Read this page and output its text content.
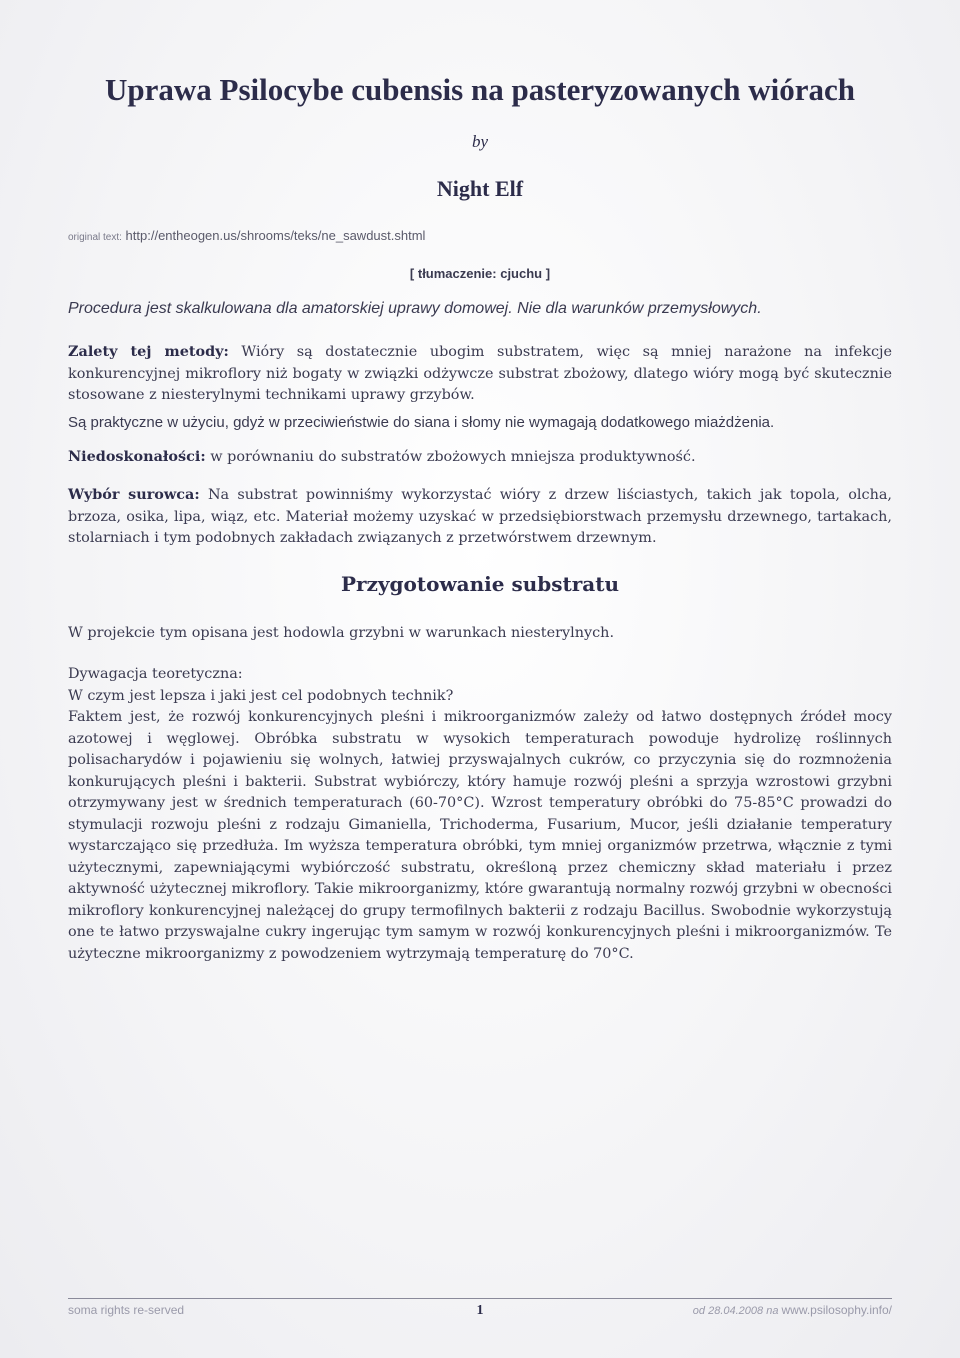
Uprawa Psilocybe cubensis na pasteryzowanych wiórach
by
Night Elf
original text: http://entheogen.us/shrooms/teks/ne_sawdust.shtml
[ tłumaczenie: cjuchu ]
Procedura jest skalkulowana dla amatorskiej uprawy domowej. Nie dla warunków przemysłowych.
Zalety tej metody: Wióry są dostatecznie ubogim substratem, więc są mniej narażone na infekcje konkurencyjnej mikroflory niż bogaty w związki odżywcze substrat zbożowy, dlatego wióry mogą być skutecznie stosowane z niesterylnymi technikami uprawy grzybów.
Są praktyczne w użyciu, gdyż w przeciwieństwie do siana i słomy nie wymagają dodatkowego miażdżenia.
Niedoskonałości: w porównaniu do substratów zbożowych mniejsza produktywność.
Wybór surowca: Na substrat powinniśmy wykorzystać wióry z drzew liściastych, takich jak topola, olcha, brzoza, osika, lipa, wiąz, etc. Materiał możemy uzyskać w przedsiębiorstwach przemysłu drzewnego, tartakach, stolarniach i tym podobnych zakładach związanych z przetwórstwem drzewnym.
Przygotowanie substratu
W projekcie tym opisana jest hodowla grzybni w warunkach niesterylnych.
Dywagacja teoretyczna:
W czym jest lepsza i jaki jest cel podobnych technik?
Faktem jest, że rozwój konkurencyjnych pleśni i mikroorganizmów zależy od łatwo dostępnych źródeł mocy azotowej i węglowej. Obróbka substratu w wysokich temperaturach powoduje hydrolizę roślinnych polisacharydów i pojawieniu się wolnych, łatwiej przyswajalnych cukrów, co przyczynia się do rozmnożenia konkurujących pleśni i bakterii. Substrat wybiórczy, który hamuje rozwój pleśni a sprzyja wzrostowi grzybni otrzymywany jest w średnich temperaturach (60-70°C). Wzrost temperatury obróbki do 75-85°C prowadzi do stymulacji rozwoju pleśni z rodzaju Gimaniella, Trichoderma, Fusarium, Mucor, jeśli działanie temperatury wystarczająco się przedłuża. Im wyższa temperatura obróbki, tym mniej organizmów przetrwa, włącznie z tymi użytecznymi, zapewniającymi wybiórczość substratu, określoną przez chemiczny skład materiału i przez aktywność użytecznej mikroflory. Takie mikroorganizmy, które gwarantują normalny rozwój grzybni w obecności mikroflory konkurencyjnej należącej do grupy termofilnych bakterii z rodzaju Bacillus. Swobodnie wykorzystują one te łatwo przyswajalne cukry ingerując tym samym w rozwój konkurencyjnych pleśni i mikroorganizmów. Te użyteczne mikroorganizmy z powodzeniem wytrzymają temperaturę do 70°C.
soma rights re-served	1	od 28.04.2008 na www.psilosophy.info/
